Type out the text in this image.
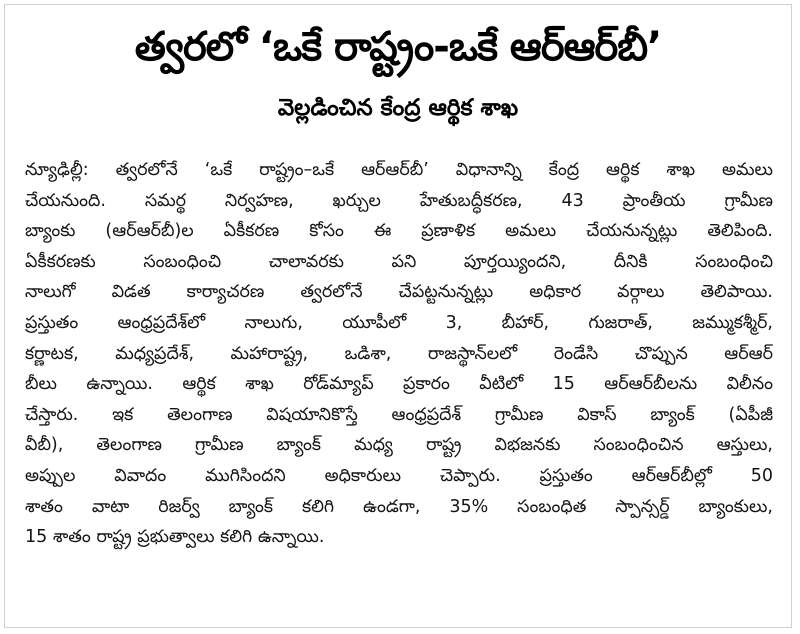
త్వరలో ‘ఒకే రాష్ట్రం-ఒకే ఆర్‌ఆర్‌బీ’
వెల్లడించిన కేంద్ర ఆర్థిక శాఖ
న్యూఢిల్లీ: త్వరలోనే ‘ఒకే రాష్ట్రం–ఒకే ఆర్‌ఆర్‌బీ’ విధానాన్ని కేంద్ర ఆర్థిక శాఖ అమలు
చేయనుంది. సమర్థ నిర్వహణ, ఖర్చుల హేతుబద్ధీకరణ, 43 ప్రాంతీయ గ్రామీణ
బ్యాంకు (ఆర్‌ఆర్‌బీ)ల ఏకీకరణ కోసం ఈ ప్రణాళిక అమలు చేయనున్నట్లు తెలిపింది.
ఏకీకరణకు సంబంధించి చాలావరకు పని పూర్తయ్యిందని, దీనికి సంబంధించి
నాలుగో విడత కార్యాచరణ త్వరలోనే చేపట్టనున్నట్లు అధికార వర్గాలు తెలిపాయి.
ప్రస్తుతం ఆంధ్రప్రదేశ్‌లో నాలుగు, యూపీలో 3, బీహార్, గుజరాత్, జమ్ముకశ్మీర్,
కర్ణాటక, మధ్యప్రదేశ్, మహారాష్ట్ర, ఒడిశా, రాజస్థాన్‌లలో రెండేసి చొప్పున ఆర్‌ఆర్
బీలు ఉన్నాయి. ఆర్థిక శాఖ రోడ్‌మ్యాప్ ప్రకారం వీటిలో 15 ఆర్‌ఆర్‌బీలను విలీనం
చేస్తారు. ఇక తెలంగాణ విషయానికొస్తే ఆంధ్రప్రదేశ్ గ్రామీణ వికాస్ బ్యాంక్ (ఏపీజీ
వీబీ), తెలంగాణ గ్రామీణ బ్యాంక్ మధ్య రాష్ట్ర విభజనకు సంబంధించిన ఆస్తులు,
అప్పుల వివాదం ముగిసిందని అధికారులు చెప్పారు. ప్రస్తుతం ఆర్‌ఆర్‌బీల్లో 50
శాతం వాటా రిజర్వ్ బ్యాంక్ కలిగి ఉండగా, 35% సంబంధిత స్పాన్సర్డ్ బ్యాంకులు,
15 శాతం రాష్ట్ర ప్రభుత్వాలు కలిగి ఉన్నాయి.
